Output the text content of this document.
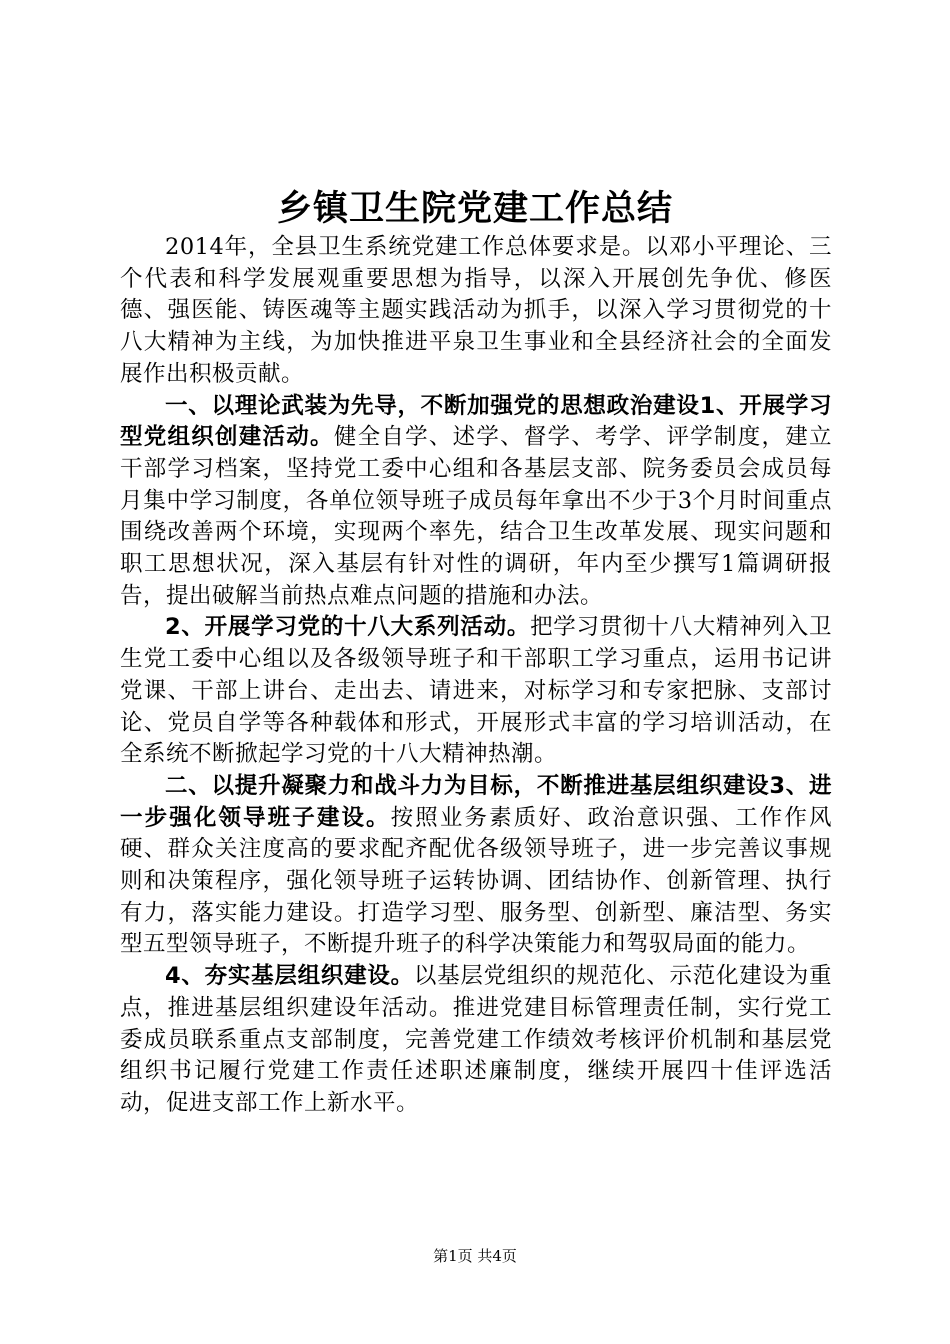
乡镇卫生院党建工作总结

2014年，全县卫生系统党建工作总体要求是。以邓小平理论、三个代表和科学发展观重要思想为指导，以深入开展创先争优、修医德、强医能、铸医魂等主题实践活动为抓手，以深入学习贯彻党的十八大精神为主线，为加快推进平泉卫生事业和全县经济社会的全面发展作出积极贡献。

一、以理论武装为先导，不断加强党的思想政治建设1、开展学习型党组织创建活动。健全自学、述学、督学、考学、评学制度，建立干部学习档案，坚持党工委中心组和各基层支部、院务委员会成员每月集中学习制度，各单位领导班子成员每年拿出不少于3个月时间重点围绕改善两个环境，实现两个率先，结合卫生改革发展、现实问题和职工思想状况，深入基层有针对性的调研，年内至少撰写1篇调研报告，提出破解当前热点难点问题的措施和办法。

2、开展学习党的十八大系列活动。把学习贯彻十八大精神列入卫生党工委中心组以及各级领导班子和干部职工学习重点，运用书记讲党课、干部上讲台、走出去、请进来，对标学习和专家把脉、支部讨论、党员自学等各种载体和形式，开展形式丰富的学习培训活动，在全系统不断掀起学习党的十八大精神热潮。

二、以提升凝聚力和战斗力为目标，不断推进基层组织建设3、进一步强化领导班子建设。按照业务素质好、政治意识强、工作作风硬、群众关注度高的要求配齐配优各级领导班子，进一步完善议事规则和决策程序，强化领导班子运转协调、团结协作、创新管理、执行有力，落实能力建设。打造学习型、服务型、创新型、廉洁型、务实型五型领导班子，不断提升班子的科学决策能力和驾驭局面的能力。

4、夯实基层组织建设。以基层党组织的规范化、示范化建设为重点，推进基层组织建设年活动。推进党建目标管理责任制，实行党工委成员联系重点支部制度，完善党建工作绩效考核评价机制和基层党组织书记履行党建工作责任述职述廉制度，继续开展四十佳评选活动，促进支部工作上新水平。

第1页 共4页
